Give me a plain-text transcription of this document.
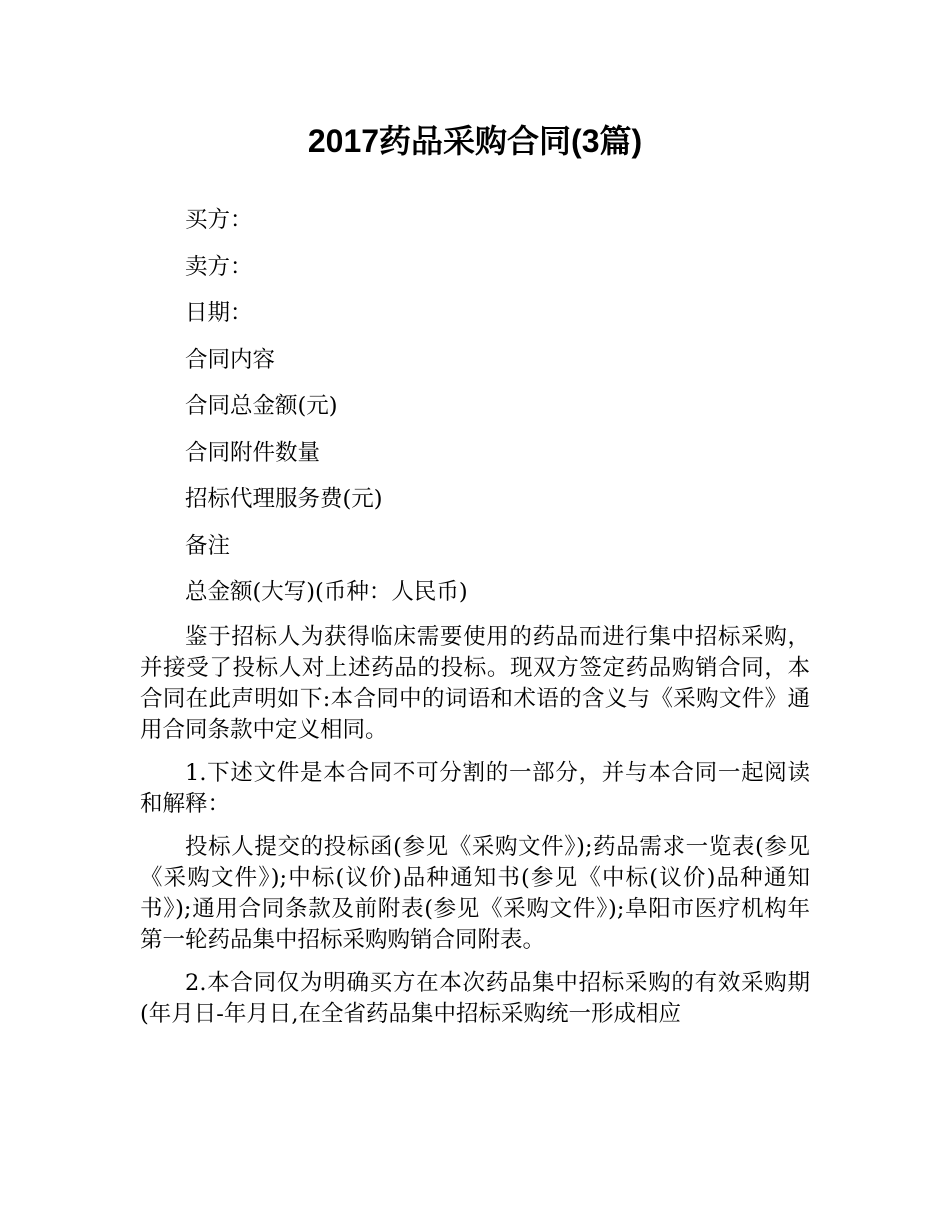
2017药品采购合同(3篇)

买方：

卖方：

日期：

合同内容

合同总金额(元)

合同附件数量

招标代理服务费(元)

备注

总金额(大写)(币种：人民币)

鉴于招标人为获得临床需要使用的药品而进行集中招标采购，并接受了投标人对上述药品的投标。现双方签定药品购销合同，本合同在此声明如下:本合同中的词语和术语的含义与《采购文件》通用合同条款中定义相同。

1.下述文件是本合同不可分割的一部分，并与本合同一起阅读和解释：

投标人提交的投标函(参见《采购文件》);药品需求一览表(参见《采购文件》);中标(议价)品种通知书(参见《中标(议价)品种通知书》);通用合同条款及前附表(参见《采购文件》);阜阳市医疗机构年第一轮药品集中招标采购购销合同附表。

2.本合同仅为明确买方在本次药品集中招标采购的有效采购期(年月日-年月日,在全省药品集中招标采购统一形成相应
